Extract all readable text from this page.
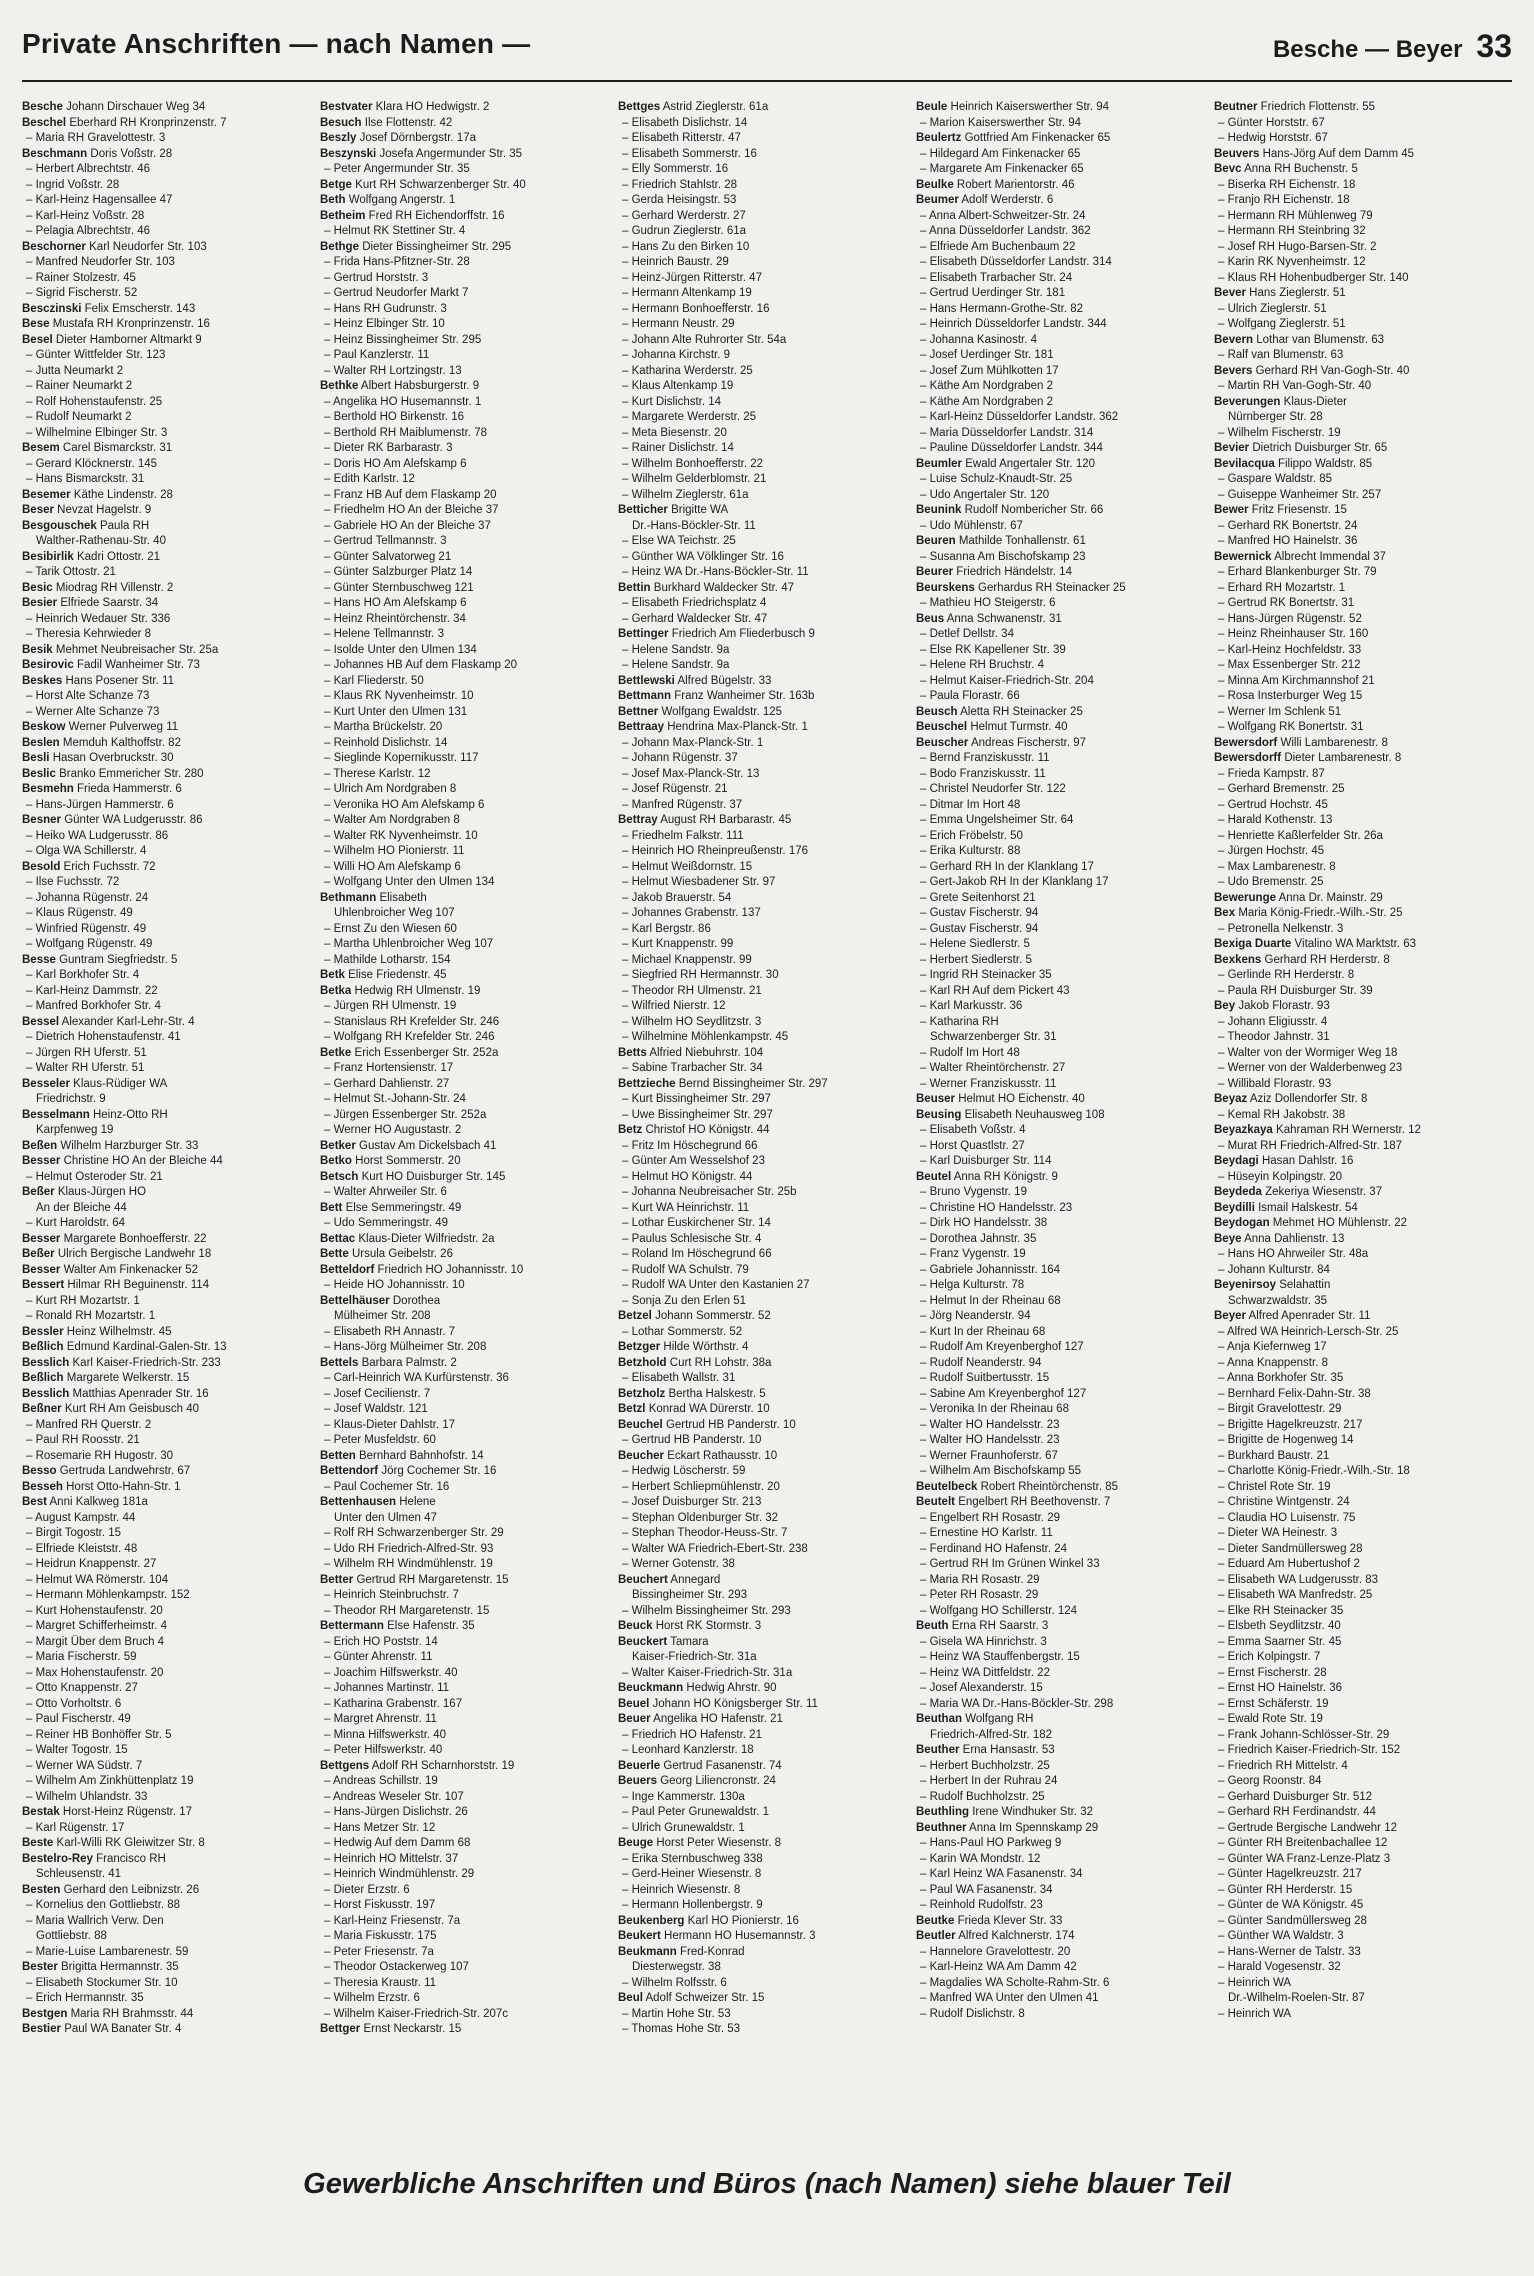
Private Anschriften — nach Namen —	Besche — Beyer 33
Besche Johann Dirschauer Weg 34
Beschel Eberhard RH Kronprinzenstr. 7
– Maria RH Gravelottestr. 3
Beschmann Doris Voßstr. 28
– Herbert Albrechtstr. 46
– Ingrid Voßstr. 28
– Karl-Heinz Hagensallee 47
– Karl-Heinz Voßstr. 28
– Pelagia Albrechtstr. 46
Beschorner Karl Neudorfer Str. 103
– Manfred Neudorfer Str. 103
– Rainer Stolzestr. 45
– Sigrid Fischerstr. 52
Besczinski Felix Emscherstr. 143
Bese Mustafa RH Kronprinzenstr. 16
Besel Dieter Hamborner Altmarkt 9
– Günter Wittfelder Str. 123
– Jutta Neumarkt 2
– Rainer Neumarkt 2
– Rolf Hohenstaufenstr. 25
– Rudolf Neumarkt 2
– Wilhelmine Elbinger Str. 3
Besem Carel Bismarckstr. 31
– Gerard Klöcknerstr. 145
– Hans Bismarckstr. 31
Besemer Käthe Lindenstr. 28
Beser Nevzat Hagelstr. 9
Besgouschek Paula RH
Walther-Rathenau-Str. 40
Besibirlik Kadri Ottostr. 21
– Tarik Ottostr. 21
Besic Miodrag RH Villenstr. 2
Besier Elfriede Saarstr. 34
– Heinrich Wedauer Str. 336
– Theresia Kehrwieder 8
Besik Mehmet Neubreisacher Str. 25a
Besirovic Fadil Wanheimer Str. 73
Beskes Hans Posener Str. 11
– Horst Alte Schanze 73
– Werner Alte Schanze 73
Beskow Werner Pulverweg 11
Beslen Memduh Kalthoffstr. 82
Besli Hasan Overbruckstr. 30
Beslic Branko Emmericher Str. 280
Besmehn Frieda Hammerstr. 6
– Hans-Jürgen Hammerstr. 6
Besner Günter WA Ludgerusstr. 86
– Heiko WA Ludgerusstr. 86
– Olga WA Schillerstr. 4
Besold Erich Fuchsstr. 72
– Ilse Fuchsstr. 72
– Johanna Rügenstr. 24
– Klaus Rügenstr. 49
– Winfried Rügenstr. 49
– Wolfgang Rügenstr. 49
Besse Guntram Siegfriedstr. 5
– Karl Borkhofer Str. 4
– Karl-Heinz Dammstr. 22
– Manfred Borkhofer Str. 4
Bessel Alexander Karl-Lehr-Str. 4
– Dietrich Hohenstaufenstr. 41
– Jürgen RH Uferstr. 51
– Walter RH Uferstr. 51
Besseler Klaus-Rüdiger WA
Friedrichstr. 9
Besselmann Heinz-Otto RH
Karpfenweg 19
Beßen Wilhelm Harzburger Str. 33
Besser Christine HO An der Bleiche 44
– Helmut Osteroder Str. 21
Beßer Klaus-Jürgen HO
An der Bleiche 44
– Kurt Haroldstr. 64
Besser Margarete Bonhoefferstr. 22
Beßer Ulrich Bergische Landwehr 18
Besser Walter Am Finkenacker 52
Bessert Hilmar RH Beguinenstr. 114
– Kurt RH Mozartstr. 1
– Ronald RH Mozartstr. 1
Bessler Heinz Wilhelmstr. 45
Beßlich Edmund Kardinal-Galen-Str. 13
Besslich Karl Kaiser-Friedrich-Str. 233
Beßlich Margarete Welkerstr. 15
Besslich Matthias Apenrader Str. 16
Beßner Kurt RH Am Geisbusch 40
– Manfred RH Querstr. 2
– Paul RH Roosstr. 21
– Rosemarie RH Hugostr. 30
Besso Gertruda Landwehrstr. 67
Besseh Horst Otto-Hahn-Str. 1
Best Anni Kalkweg 181a
– August Kampstr. 44
– Birgit Togostr. 15
– Elfriede Kleiststr. 48
– Heidrun Knappenstr. 27
– Helmut WA Römerstr. 104
– Hermann Möhlenkampstr. 152
– Kurt Hohenstaufenstr. 20
– Margret Schifferheimstr. 4
– Margit Über dem Bruch 4
– Maria Fischerstr. 59
– Max Hohenstaufenstr. 20
– Otto Knappenstr. 27
– Otto Vorholtstr. 6
– Paul Fischerstr. 49
– Reiner HB Bonhöffer Str. 5
– Walter Togostr. 15
– Werner WA Südstr. 7
– Wilhelm Am Zinkhüttenplatz 19
– Wilhelm Uhlandstr. 33
Bestak Horst-Heinz Rügenstr. 17
– Karl Rügenstr. 17
Beste Karl-Willi RK Gleiwitzer Str. 8
Bestelro-Rey Francisco RH
Schleusenstr. 41
Besten Gerhard den Leibnizstr. 26
– Kornelius den Gottliebstr. 88
– Maria Wallrich Verw. Den
Gottliebstr. 88
– Marie-Luise Lambarenestr. 59
Bester Brigitta Hermannstr. 35
– Elisabeth Stockumer Str. 10
– Erich Hermannstr. 35
Bestgen Maria RH Brahmsstr. 44
Bestier Paul WA Banater Str. 4
Bestvater Klara HO Hedwigstr. 2
Besuch Ilse Flottenstr. 42
Beszly Josef Dörnbergstr. 17a
Beszynski Josefa Angermunder Str. 35
– Peter Angermunder Str. 35
Betge Kurt RH Schwarzenberger Str. 40
Beth Wolfgang Angerstr. 1
Betheim Fred RH Eichendorffstr. 16
– Helmut RK Stettiner Str. 4
Bethge Dieter Bissingheimer Str. 295
– Frida Hans-Pfitzner-Str. 28
– Gertrud Horststr. 3
– Gertrud Neudorfer Markt 7
– Hans RH Gudrunstr. 3
– Heinz Elbinger Str. 10
– Heinz Bissingheimer Str. 295
– Paul Kanzlerstr. 11
– Walter RH Lortzingstr. 13
Bethke Albert Habsburgerstr. 9
– Angelika HO Husemannstr. 1
– Berthold HO Birkenstr. 16
– Berthold RH Maiblumenstr. 78
– Dieter RK Barbarastr. 3
– Doris HO Am Alefskamp 6
– Edith Karlstr. 12
– Franz HB Auf dem Flaskamp 20
– Friedhelm HO An der Bleiche 37
– Gabriele HO An der Bleiche 37
– Gertrud Tellmannstr. 3
– Günter Salvatorweg 21
– Günter Salzburger Platz 14
– Günter Sternbuschweg 121
– Hans HO Am Alefskamp 6
– Heinz Rheintörchenstr. 34
– Helene Tellmannstr. 3
– Isolde Unter den Ulmen 134
– Johannes HB Auf dem Flaskamp 20
– Karl Fliederstr. 50
– Klaus RK Nyvenheimstr. 10
– Kurt Unter den Ulmen 131
– Martha Brückelstr. 20
– Reinhold Dislichstr. 14
– Sieglinde Kopernikusstr. 117
– Therese Karlstr. 12
– Ulrich Am Nordgraben 8
– Veronika HO Am Alefskamp 6
– Walter Am Nordgraben 8
– Walter RK Nyvenheimstr. 10
– Wilhelm HO Pionierstr. 11
– Willi HO Am Alefskamp 6
– Wolfgang Unter den Ulmen 134
Bethmann Elisabeth
Uhlenbroicher Weg 107
– Ernst Zu den Wiesen 60
– Martha Uhlenbroicher Weg 107
– Mathilde Lotharstr. 154
Betk Elise Friedenstr. 45
Betka Hedwig RH Ulmenstr. 19
– Jürgen RH Ulmenstr. 19
– Stanislaus RH Krefelder Str. 246
– Wolfgang RH Krefelder Str. 246
Betke Erich Essenberger Str. 252a
– Franz Hortensienstr. 17
– Gerhard Dahlienstr. 27
– Helmut St.-Johann-Str. 24
– Jürgen Essenberger Str. 252a
– Werner HO Augustastr. 2
Betker Gustav Am Dickelsbach 41
Betko Horst Sommerstr. 20
Betsch Kurt HO Duisburger Str. 145
– Walter Ahrweiler Str. 6
Bett Else Semmeringstr. 49
– Udo Semmeringstr. 49
Bettac Klaus-Dieter Wilfriedstr. 2a
Bette Ursula Geibelstr. 26
Betteldorf Friedrich HO Johannisstr. 10
– Heide HO Johannisstr. 10
Bettelhäuser Dorothea
Mülheimer Str. 208
– Elisabeth RH Annastr. 7
– Hans-Jörg Mülheimer Str. 208
Bettels Barbara Palmstr. 2
– Carl-Heinrich WA Kurfürstenstr. 36
– Josef Cecilienstr. 7
– Josef Waldstr. 121
– Klaus-Dieter Dahlstr. 17
– Peter Musfeldstr. 60
Betten Bernhard Bahnhofstr. 14
Bettendorf Jörg Cochemer Str. 16
– Paul Cochemer Str. 16
Bettenhausen Helene
Unter den Ulmen 47
– Rolf RH Schwarzenberger Str. 29
– Udo RH Friedrich-Alfred-Str. 93
– Wilhelm RH Windmühlenstr. 19
Better Gertrud RH Margaretenstr. 15
– Heinrich Steinbruchstr. 7
– Theodor RH Margaretenstr. 15
Bettermann Else Hafenstr. 35
– Erich HO Poststr. 14
– Günter Ahrenstr. 11
– Joachim Hilfswerkstr. 40
– Johannes Martinstr. 11
– Katharina Grabenstr. 167
– Margret Ahrenstr. 11
– Minna Hilfswerkstr. 40
– Peter Hilfswerkstr. 40
Bettgens Adolf RH Scharnhorststr. 19
– Andreas Schillstr. 19
– Andreas Weseler Str. 107
– Hans-Jürgen Dislichstr. 26
– Hans Metzer Str. 12
– Hedwig Auf dem Damm 68
– Heinrich HO Mittelstr. 37
– Heinrich Windmühlenstr. 29
– Dieter Erzstr. 6
– Horst Fiskusstr. 197
– Karl-Heinz Friesenstr. 7a
– Maria Fiskusstr. 175
– Peter Friesenstr. 7a
– Theodor Ostackerweg 107
– Theresia Kraustr. 11
– Wilhelm Erzstr. 6
– Wilhelm Kaiser-Friedrich-Str. 207c
Bettger Ernst Neckarstr. 15
Bettges Astrid Zieglerstr. 61a
– Elisabeth Dislichstr. 14
– Elisabeth Ritterstr. 47
– Elisabeth Sommerstr. 16
– Elly Sommerstr. 16
– Friedrich Stahlstr. 28
– Gerda Heisingstr. 53
– Gerhard Werderstr. 27
– Gudrun Zieglerstr. 61a
– Hans Zu den Birken 10
– Heinrich Baustr. 29
– Heinz-Jürgen Ritterstr. 47
– Hermann Altenkamp 19
– Hermann Bonhoefferstr. 16
– Hermann Neustr. 29
– Johann Alte Ruhrorter Str. 54a
– Johanna Kirchstr. 9
– Katharina Werderstr. 25
– Klaus Altenkamp 19
– Kurt Dislichstr. 14
– Margarete Werderstr. 25
– Meta Biesenstr. 20
– Rainer Dislichstr. 14
– Wilhelm Bonhoefferstr. 22
– Wilhelm Gelderblomstr. 21
– Wilhelm Zieglerstr. 61a
Betticher Brigitte WA
Dr.-Hans-Böckler-Str. 11
– Else WA Teichstr. 25
– Günther WA Völklinger Str. 16
– Heinz WA Dr.-Hans-Böckler-Str. 11
Bettin Burkhard Waldecker Str. 47
– Elisabeth Friedrichsplatz 4
– Gerhard Waldecker Str. 47
Bettinger Friedrich Am Fliederbusch 9
– Helene Sandstr. 9a
– Helene Sandstr. 9a
Bettlewski Alfred Bügelstr. 33
Bettmann Franz Wanheimer Str. 163b
Bettner Wolfgang Ewaldstr. 125
Bettraay Hendrina Max-Planck-Str. 1
– Johann Max-Planck-Str. 1
– Johann Rügenstr. 37
– Josef Max-Planck-Str. 13
– Josef Rügenstr. 21
– Manfred Rügenstr. 37
Bettray August RH Barbarastr. 45
– Friedhelm Falkstr. 111
– Heinrich HO Rheinpreußenstr. 176
– Helmut Weißdornstr. 15
– Helmut Wiesbadener Str. 97
– Jakob Brauerstr. 54
– Johannes Grabenstr. 137
– Karl Bergstr. 86
– Kurt Knappenstr. 99
– Michael Knappenstr. 99
– Siegfried RH Hermannstr. 30
– Theodor RH Ulmenstr. 21
– Wilfried Nierstr. 12
– Wilhelm HO Seydlitzstr. 3
– Wilhelmine Möhlenkampstr. 45
Betts Alfried Niebuhrstr. 104
– Sabine Trarbacher Str. 34
Bettzieche Bernd Bissingheimer Str. 297
– Kurt Bissingheimer Str. 297
– Uwe Bissingheimer Str. 297
Betz Christof HO Königstr. 44
– Fritz Im Höschegrund 66
– Günter Am Wesselshof 23
– Helmut HO Königstr. 44
– Johanna Neubreisacher Str. 25b
– Kurt WA Heinrichstr. 11
– Lothar Euskirchener Str. 14
– Paulus Schlesische Str. 4
– Roland Im Höschegrund 66
– Rudolf WA Schulstr. 79
– Rudolf WA Unter den Kastanien 27
– Sonja Zu den Erlen 51
Betzel Johann Sommerstr. 52
– Lothar Sommerstr. 52
Betzger Hilde Wörthstr. 4
Betzhold Curt RH Lohstr. 38a
– Elisabeth Wallstr. 31
Betzholz Bertha Halskestr. 5
Betzl Konrad WA Dürerstr. 10
Beuchel Gertrud HB Panderstr. 10
– Gertrud HB Panderstr. 10
Beucher Eckart Rathausstr. 10
– Hedwig Löscherstr. 59
– Herbert Schliepmühlenstr. 20
– Josef Duisburger Str. 213
– Stephan Oldenburger Str. 32
– Stephan Theodor-Heuss-Str. 7
– Walter WA Friedrich-Ebert-Str. 238
– Werner Gotenstr. 38
Beuchert Annegard
Bissingheimer Str. 293
– Wilhelm Bissingheimer Str. 293
Beuck Horst RK Stormstr. 3
Beuckert Tamara
Kaiser-Friedrich-Str. 31a
– Walter Kaiser-Friedrich-Str. 31a
Beuckmann Hedwig Ahrstr. 90
Beuel Johann HO Königsberger Str. 11
Beuer Angelika HO Hafenstr. 21
– Friedrich HO Hafenstr. 21
– Leonhard Kanzlerstr. 18
Beuerle Gertrud Fasanenstr. 74
Beuers Georg Liliencronstr. 24
– Inge Kammerstr. 130a
– Paul Peter Grunewaldstr. 1
– Ulrich Grunewaldstr. 1
Beuge Horst Peter Wiesenstr. 8
– Erika Sternbuschweg 338
– Gerd-Heiner Wiesenstr. 8
– Heinrich Wiesenstr. 8
– Hermann Hollenbergstr. 9
Beukenberg Karl HO Pionierstr. 16
Beukert Hermann HO Husemannstr. 3
Beukmann Fred-Konrad
Diesterwegstr. 38
– Wilhelm Rolfsstr. 6
Beul Adolf Schweizer Str. 15
– Martin Hohe Str. 53
– Thomas Hohe Str. 53
Beule Heinrich Kaiserswerther Str. 94
– Marion Kaiserswerther Str. 94
Beulertz Gottfried Am Finkenacker 65
– Hildegard Am Finkenacker 65
– Margarete Am Finkenacker 65
Beulke Robert Marientorstr. 46
Beumer Adolf Werderstr. 6
– Anna Albert-Schweitzer-Str. 24
– Anna Düsseldorfer Landstr. 362
– Elfriede Am Buchenbaum 22
– Elisabeth Düsseldorfer Landstr. 314
– Elisabeth Trarbacher Str. 24
– Gertrud Uerdinger Str. 181
– Hans Hermann-Grothe-Str. 82
– Heinrich Düsseldorfer Landstr. 344
– Johanna Kasinostr. 4
– Josef Uerdinger Str. 181
– Josef Zum Mühlkotten 17
– Käthe Am Nordgraben 2
– Käthe Am Nordgraben 2
– Karl-Heinz Düsseldorfer Landstr. 362
– Maria Düsseldorfer Landstr. 314
– Pauline Düsseldorfer Landstr. 344
Beumler Ewald Angertaler Str. 120
– Luise Schulz-Knaudt-Str. 25
– Udo Angertaler Str. 120
Beunink Rudolf Nombericher Str. 66
– Udo Mühlenstr. 67
Beuren Mathilde Tonhallenstr. 61
– Susanna Am Bischofskamp 23
Beurer Friedrich Händelstr. 14
Beurskens Gerhardus RH Steinacker 25
– Mathieu HO Steigerstr. 6
Beus Anna Schwanenstr. 31
– Detlef Dellstr. 34
– Else RK Kapellener Str. 39
– Helene RH Bruchstr. 4
– Helmut Kaiser-Friedrich-Str. 204
– Paula Florastr. 66
Beusch Aletta RH Steinacker 25
Beuschel Helmut Turmstr. 40
Beuscher Andreas Fischerstr. 97
– Bernd Franziskusstr. 11
– Bodo Franziskusstr. 11
– Christel Neudorfer Str. 122
– Ditmar Im Hort 48
– Emma Ungelsheimer Str. 64
– Erich Fröbelstr. 50
– Erika Kulturstr. 88
– Gerhard RH In der Klanklang 17
– Gert-Jakob RH In der Klanklang 17
– Grete Seitenhorst 21
– Gustav Fischerstr. 94
– Gustav Fischerstr. 94
– Helene Siedlerstr. 5
– Herbert Siedlerstr. 5
– Ingrid RH Steinacker 35
– Karl RH Auf dem Pickert 43
– Karl Markusstr. 36
– Katharina RH
Schwarzenberger Str. 31
– Rudolf Im Hort 48
– Walter Rheintörchenstr. 27
– Werner Franziskusstr. 11
Beuser Helmut HO Eichenstr. 40
Beusing Elisabeth Neuhausweg 108
– Elisabeth Voßstr. 4
– Horst Quastlstr. 27
– Karl Duisburger Str. 114
Beutel Anna RH Königstr. 9
– Bruno Vygenstr. 19
– Christine HO Handelsstr. 23
– Dirk HO Handelsstr. 38
– Dorothea Jahnstr. 35
– Franz Vygenstr. 19
– Gabriele Johannisstr. 164
– Helga Kulturstr. 78
– Helmut In der Rheinau 68
– Jörg Neanderstr. 94
– Kurt In der Rheinau 68
– Rudolf Am Kreyenberghof 127
– Rudolf Neanderstr. 94
– Rudolf Suitbertusstr. 15
– Sabine Am Kreyenberghof 127
– Veronika In der Rheinau 68
– Walter HO Handelsstr. 23
– Walter HO Handelsstr. 23
– Werner Fraunhoferstr. 67
– Wilhelm Am Bischofskamp 55
Beutelbeck Robert Rheintörchenstr. 85
Beutelt Engelbert RH Beethovenstr. 7
– Engelbert RH Rosastr. 29
– Ernestine HO Karlstr. 11
– Ferdinand HO Hafenstr. 24
– Gertrud RH Im Grünen Winkel 33
– Maria RH Rosastr. 29
– Peter RH Rosastr. 29
– Wolfgang HO Schillerstr. 124
Beuth Erna RH Saarstr. 3
– Gisela WA Hinrichstr. 3
– Heinz WA Stauffenbergstr. 15
– Heinz WA Dittfeldstr. 22
– Josef Alexanderstr. 15
– Maria WA Dr.-Hans-Böckler-Str. 298
Beuthan Wolfgang RH
Friedrich-Alfred-Str. 182
Beuther Erna Hansastr. 53
– Herbert Buchholzstr. 25
– Herbert In der Ruhrau 24
– Rudolf Buchholzstr. 25
Beuthling Irene Windhuker Str. 32
Beuthner Anna Im Spennskamp 29
– Hans-Paul HO Parkweg 9
– Karin WA Mondstr. 12
– Karl Heinz WA Fasanenstr. 34
– Paul WA Fasanenstr. 34
– Reinhold Rudolfstr. 23
Beutke Frieda Klever Str. 33
Beutler Alfred Kalchnerstr. 174
– Hannelore Gravelottestr. 20
– Karl-Heinz WA Am Damm 42
– Magdalies WA Scholte-Rahm-Str. 6
– Manfred WA Unter den Ulmen 41
– Rudolf Dislichstr. 8
Beutner Friedrich Flottenstr. 55
– Günter Horststr. 67
– Hedwig Horststr. 67
Beuvers Hans-Jörg Auf dem Damm 45
Bevc Anna RH Buchenstr. 5
– Biserka RH Eichenstr. 18
– Franjo RH Eichenstr. 18
– Hermann RH Mühlenweg 79
– Hermann RH Steinbring 32
– Josef RH Hugo-Barsen-Str. 2
– Karin RK Nyvenheimstr. 12
– Klaus RH Hohenbudberger Str. 140
Bever Hans Zieglerstr. 51
– Ulrich Zieglerstr. 51
– Wolfgang Zieglerstr. 51
Bevern Lothar van Blumenstr. 63
– Ralf van Blumenstr. 63
Bevers Gerhard RH Van-Gogh-Str. 40
– Martin RH Van-Gogh-Str. 40
Beverungen Klaus-Dieter
Nürnberger Str. 28
– Wilhelm Fischerstr. 19
Bevier Dietrich Duisburger Str. 65
Bevilacqua Filippo Waldstr. 85
– Gaspare Waldstr. 85
– Guiseppe Wanheimer Str. 257
Bewer Fritz Friesenstr. 15
– Gerhard RK Bonertstr. 24
– Manfred HO Hainelstr. 36
Bewernick Albrecht Immendal 37
– Erhard Blankenburger Str. 79
– Erhard RH Mozartstr. 1
– Gertrud RK Bonertstr. 31
– Hans-Jürgen Rügenstr. 52
– Heinz Rheinhauser Str. 160
– Karl-Heinz Hochfeldstr. 33
– Max Essenberger Str. 212
– Minna Am Kirchmannshof 21
– Rosa Insterburger Weg 15
– Werner Im Schlenk 51
– Wolfgang RK Bonertstr. 31
Bewersdorf Willi Lambarenestr. 8
Bewersdorff Dieter Lambarenestr. 8
– Frieda Kampstr. 87
– Gerhard Bremenstr. 25
– Gertrud Hochstr. 45
– Harald Kothenstr. 13
– Henriette Kaßlerfelder Str. 26a
– Jürgen Hochstr. 45
– Max Lambarenestr. 8
– Udo Bremenstr. 25
Bewerunge Anna Dr. Mainstr. 29
Bex Maria König-Friedr.-Wilh.-Str. 25
– Petronella Nelkenstr. 3
Bexiga Duarte Vitalino WA Marktstr. 63
Bexkens Gerhard RH Herderstr. 8
– Gerlinde RH Herderstr. 8
– Paula RH Duisburger Str. 39
Bey Jakob Florastr. 93
– Johann Eligiusstr. 4
– Theodor Jahnstr. 31
– Walter von der Wormiger Weg 18
– Werner von der Walderbenweg 23
– Willibald Florastr. 93
Beyaz Aziz Dollendorfer Str. 8
– Kemal RH Jakobstr. 38
Beyazkaya Kahraman RH Wernerstr. 12
– Murat RH Friedrich-Alfred-Str. 187
Beydagi Hasan Dahlstr. 16
– Hüseyin Kolpingstr. 20
Beydeda Zekeriya Wiesenstr. 37
Beydilli Ismail Halskestr. 54
Beydogan Mehmet HO Mühlenstr. 22
Beye Anna Dahlienstr. 13
– Hans HO Ahrweiler Str. 48a
– Johann Kulturstr. 84
Beyenirsoy Selahattin
Schwarzwaldstr. 35
Beyer Alfred Apenrader Str. 11
– Alfred WA Heinrich-Lersch-Str. 25
– Anja Kiefernweg 17
– Anna Knappenstr. 8
– Anna Borkhofer Str. 35
– Bernhard Felix-Dahn-Str. 38
– Birgit Gravelottestr. 29
– Brigitte Hagelkreuzstr. 217
– Brigitte de Hogenweg 14
– Burkhard Baustr. 21
– Charlotte König-Friedr.-Wilh.-Str. 18
– Christel Rote Str. 19
– Christine Wintgenstr. 24
– Claudia HO Luisenstr. 75
– Dieter WA Heinestr. 3
– Dieter Sandmüllersweg 28
– Eduard Am Hubertushof 2
– Elisabeth WA Ludgerusstr. 83
– Elisabeth WA Manfredstr. 25
– Elke RH Steinacker 35
– Elsbeth Seydlitzstr. 40
– Emma Saarner Str. 45
– Erich Kolpingstr. 7
– Ernst Fischerstr. 28
– Ernst HO Hainelstr. 36
– Ernst Schäferstr. 19
– Ewald Rote Str. 19
– Frank Johann-Schlösser-Str. 29
– Friedrich Kaiser-Friedrich-Str. 152
– Friedrich RH Mittelstr. 4
– Georg Roonstr. 84
– Gerhard Duisburger Str. 512
– Gerhard RH Ferdinandstr. 44
– Gertrude Bergische Landwehr 12
– Günter RH Breitenbachallee 12
– Günter WA Franz-Lenze-Platz 3
– Günter Hagelkreuzstr. 217
– Günter RH Herderstr. 15
– Günter de WA Königstr. 45
– Günter Sandmüllersweg 28
– Günther WA Waldstr. 3
– Hans-Werner de Talstr. 33
– Harald Vogesenstr. 32
– Heinrich WA
Dr.-Wilhelm-Roelen-Str. 87
– Heinrich WA
Gewerbliche Anschriften und Büros (nach Namen) siehe blauer Teil
